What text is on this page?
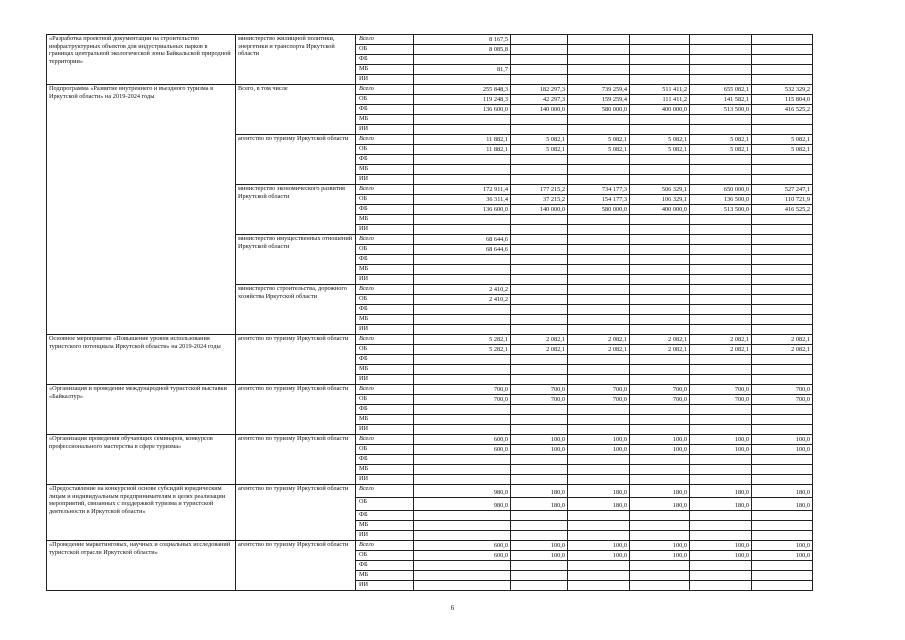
«Разработка проектной документации на строительство инфраструктурных объектов для индустриальных парков в границах центральной экологической зоны Байкальской природной территории»	министерство жилищной политики, энергетики и транспорта Иркутской области	Всего	8 167,5					
		ОБ	8 085,8					
		ФБ						
		МБ	81,7					
		ИИ						
Подпрограмма «Развитие внутреннего и въездного туризма в Иркутской области» на 2019-2024 годы	Всего, в том числе	Всего	255 848,3	182 297,3	739 259,4	511 411,2	655 082,1	532 329,2
		ОБ	119 248,3	42 297,3	159 259,4	111 411,2	141 582,1	115 804,0
		ФБ	136 600,0	140 000,0	580 000,0	400 000,0	513 500,0	416 525,2
		МБ						
		ИИ						
	агентство по туризму Иркутской области	Всего	11 882,1	5 082,1	5 082,1	5 082,1	5 082,1	5 082,1
		ОБ	11 882,1	5 082,1	5 082,1	5 082,1	5 082,1	5 082,1
		ФБ						
		МБ						
		ИИ						
	министерство экономического развития Иркутской области	Всего	172 911,4	177 215,2	734 177,3	506 329,1	650 000,0	527 247,1
		ОБ	36 311,4	37 215,2	154 177,3	106 329,1	136 500,0	110 721,9
		ФБ	136 600,0	140 000,0	580 000,0	400 000,0	513 500,0	416 525,2
		МБ						
		ИИ						
	министерство имущественных отношений Иркутской области	Всего	68 644,6					
		ОБ	68 644,6					
		ФБ						
		МБ						
		ИИ						
	министерство строительства, дорожного хозяйства Иркутской области	Всего	2 410,2					
		ОБ	2 410,2					
		ФБ						
		МБ						
		ИИ						
Основное мероприятие «Повышение уровня использования туристского потенциала Иркутской области» на 2019-2024 годы	агентство по туризму Иркутской области	Всего	5 282,1	2 082,1	2 082,1	2 082,1	2 082,1	2 082,1
		ОБ	5 282,1	2 082,1	2 082,1	2 082,1	2 082,1	2 082,1
		ФБ						
		МБ						
		ИИ						
«Организация и проведение международной туристской выставки «Байкалтур»	агентство по туризму Иркутской области	Всего	700,0	700,0	700,0	700,0	700,0	700,0
		ОБ	700,0	700,0	700,0	700,0	700,0	700,0
		ФБ						
		МБ						
		ИИ						
«Организация проведения обучающих семинаров, конкурсов профессионального мастерства в сфере туризма»	агентство по туризму Иркутской области	Всего	600,0	100,0	100,0	100,0	100,0	100,0
		ОБ	600,0	100,0	100,0	100,0	100,0	100,0
		ФБ						
		МБ						
		ИИ						
«Предоставление на конкурсной основе субсидий юридическим лицам и индивидуальным предпринимателям в целях реализации мероприятий, связанных с поддержкой туризма и туристской деятельности в Иркутской области»	агентство по туризму Иркутской области	Всего	980,0	180,0	180,0	180,0	180,0	180,0
		ОБ	980,0	180,0	180,0	180,0	180,0	180,0
		ФБ						
		МБ						
		ИИ						
«Проведение маркетинговых, научных и социальных исследований туристской отрасли Иркутской области»	агентство по туризму Иркутской области	Всего	600,0	100,0	100,0	100,0	100,0	100,0
		ОБ	600,0	100,0	100,0	100,0	100,0	100,0
		ФБ						
		МБ						
		ИИ						
6
